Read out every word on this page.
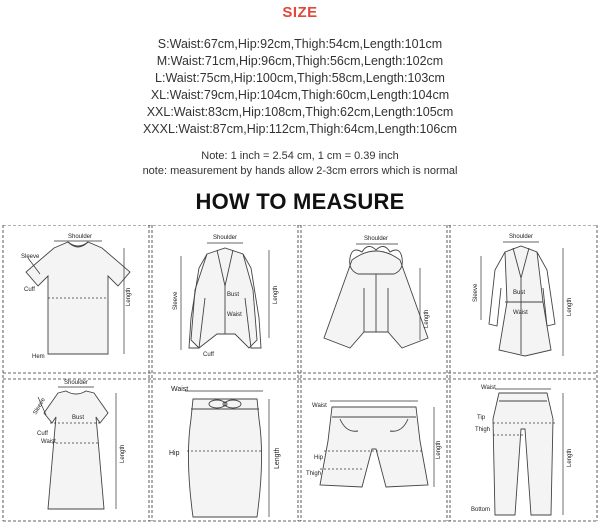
SIZE
S:Waist:67cm,Hip:92cm,Thigh:54cm,Length:101cm
M:Waist:71cm,Hip:96cm,Thigh:56cm,Length:102cm
L:Waist:75cm,Hip:100cm,Thigh:58cm,Length:103cm
XL:Waist:79cm,Hip:104cm,Thigh:60cm,Length:104cm
XXL:Waist:83cm,Hip:108cm,Thigh:62cm,Length:105cm
XXXL:Waist:87cm,Hip:112cm,Thigh:64cm,Length:106cm
Note: 1 inch = 2.54 cm, 1 cm = 0.39 inch
note: measurement by hands allow 2-3cm errors which is normal
HOW TO MEASURE
Shoulder
Sleeve
Cuff
Hem
Length
Shoulder
Sleeve	Bust
Waist
Cuff
Length
Shoulder
Length
Shoulder
Sleeve	Bust
Waist	Length
Shoulder
Sleeve
Bust
Cuff
Waist
Length
Waist
Hip	Length
Waist
Hip
Thigh
Length
Waist
Tip
Thigh
Bottom
Length
